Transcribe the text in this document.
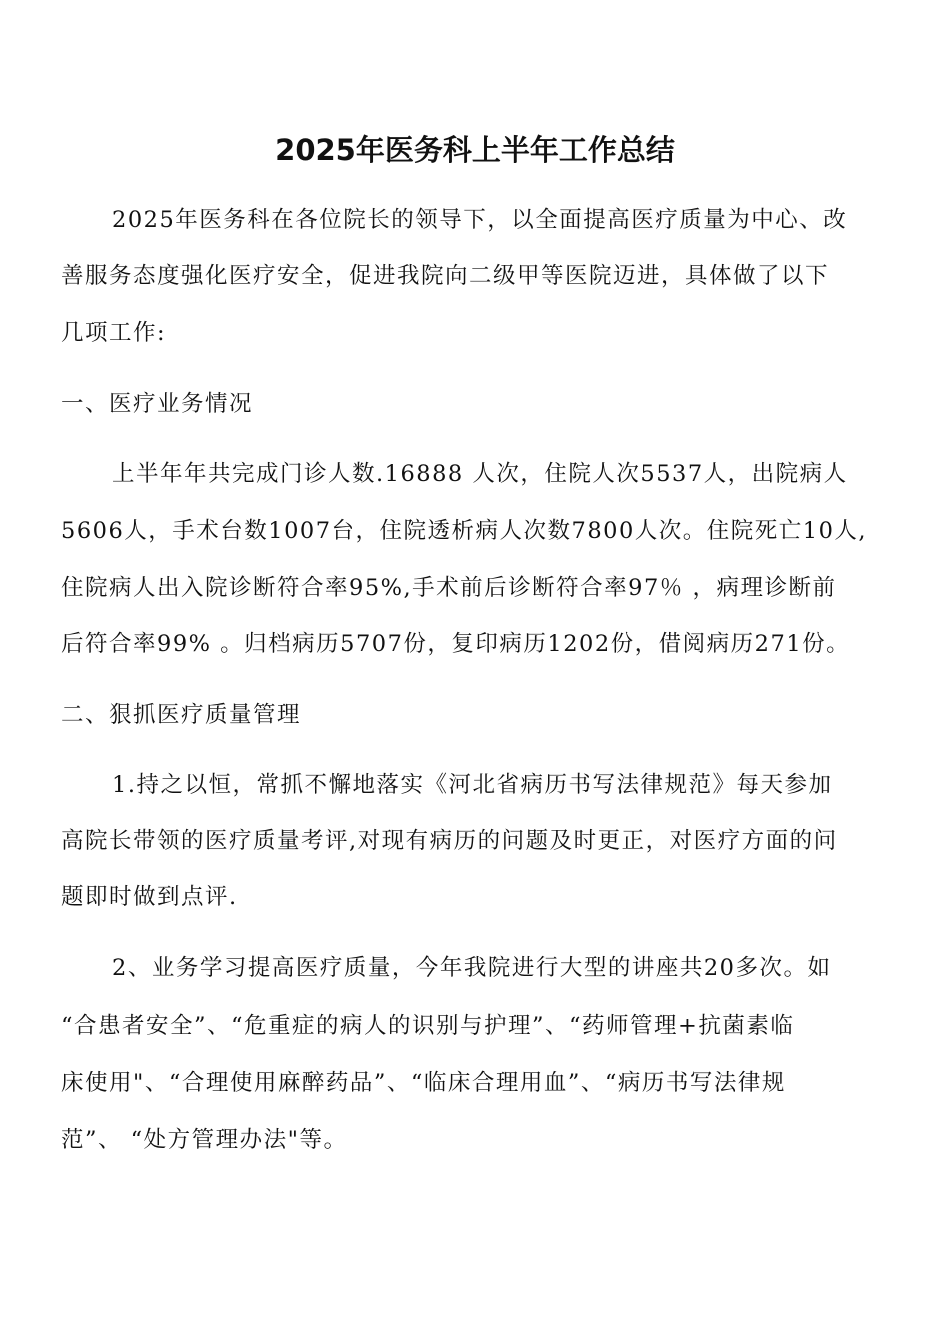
2025年医务科上半年工作总结
2025年医务科在各位院长的领导下，以全面提高医疗质量为中心、改
善服务态度强化医疗安全，促进我院向二级甲等医院迈进，具体做了以下
几项工作:
一、医疗业务情况
上半年年共完成门诊人数.16888 人次，住院人次5537人，出院病人
5606人，手术台数1007台，住院透析病人次数7800人次。住院死亡10人,
住院病人出入院诊断符合率95%,手术前后诊断符合率97％ ，病理诊断前
后符合率99% 。归档病历5707份，复印病历1202份，借阅病历271份。
二、狠抓医疗质量管理
1.持之以恒，常抓不懈地落实《河北省病历书写法律规范》每天参加
高院长带领的医疗质量考评,对现有病历的问题及时更正，对医疗方面的问
题即时做到点评.
2、业务学习提高医疗质量，今年我院进行大型的讲座共20多次。如
“合患者安全”、“危重症的病人的识别与护理”、“药师管理+抗菌素临
床使用"、“合理使用麻醉药品”、“临床合理用血”、“病历书写法律规
范”、 “处方管理办法"等。
